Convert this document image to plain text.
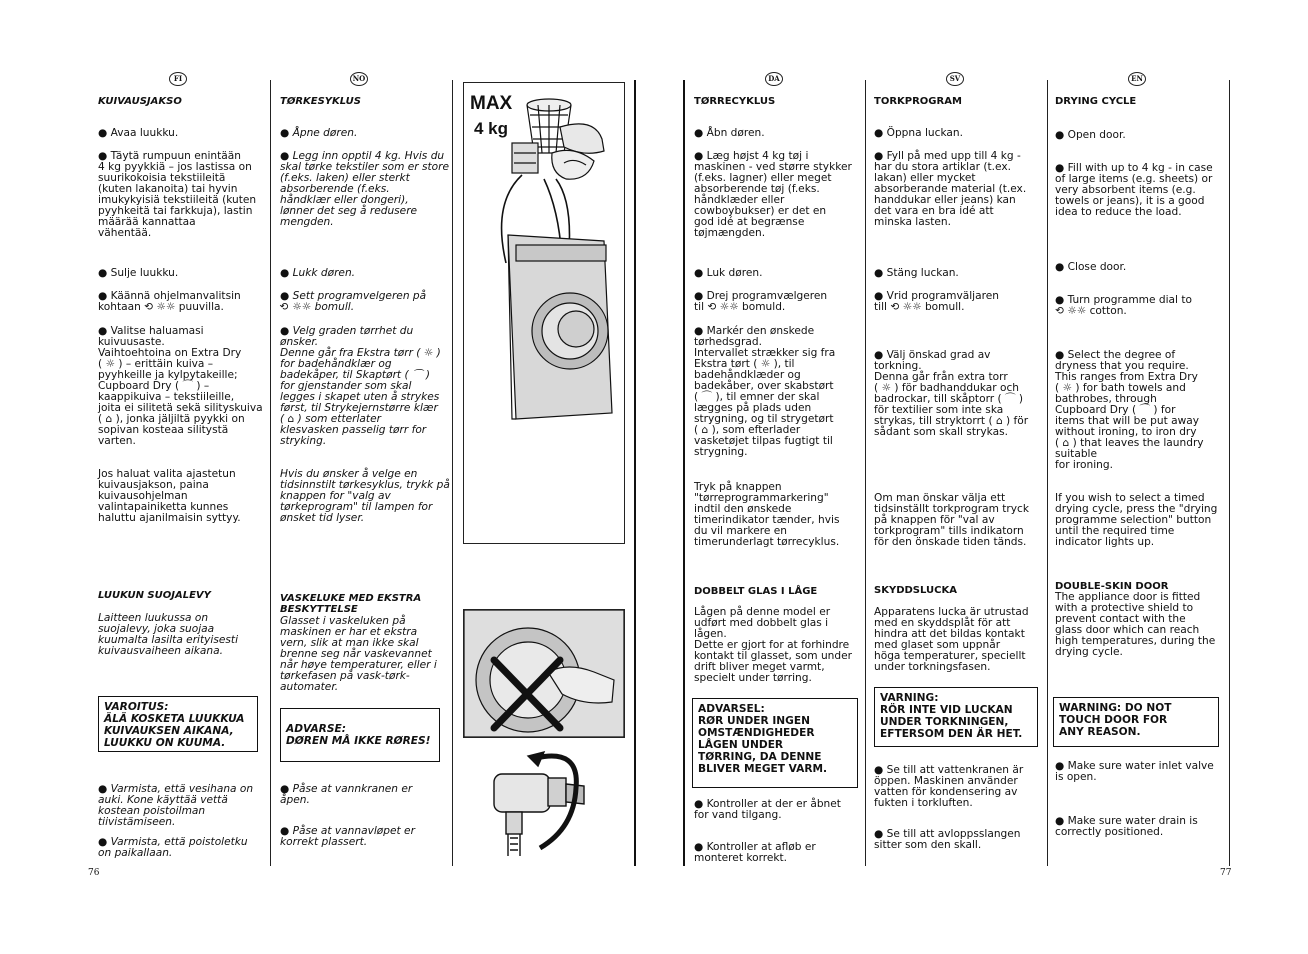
FI
KUIVAUSJAKSO
● Avaa luukku.
● Täytä rumpuun enintään
4 kg pyykkiä – jos lastissa on
suurikokoisia tekstiileitä
(kuten lakanoita) tai hyvin
imukykyisiä tekstiileitä (kuten
pyyhkeitä tai farkkuja), lastin
määrää kannattaa
vähentää.
● Sulje luukku.
● Käännä ohjelmanvalitsin
kohtaan ⟲ ☼☼ puuvilla.
● Valitse haluamasi
kuivuusaste.
Vaihtoehtoina on Extra Dry
( ☼ ) – erittäin kuiva –
pyyhkeille ja kylpytakeille;
Cupboard Dry ( ⌒ ) –
kaappikuiva – tekstiileille,
joita ei silitetä sekä silityskuiva
( ⌂ ), jonka jäljiltä pyykki on
sopivan kosteaa silitystä
varten.
Jos haluat valita ajastetun
kuivausjakson, paina
kuivausohjelman
valintapainiketta kunnes
haluttu ajanilmaisin syttyy.
LUUKUN SUOJALEVY
Laitteen luukussa on
suojalevy, joka suojaa
kuumalta lasilta erityisesti
kuivausvaiheen aikana.
VAROITUS:
ÄLÄ KOSKETA LUUKKUA
KUIVAUKSEN AIKANA,
LUUKKU ON KUUMA.
● Varmista, että vesihana on
auki. Kone käyttää vettä
kostean poistoilman
tiivistämiseen.
● Varmista, että poistoletku
on paikallaan.
76
NO
TØRKESYKLUS
● Åpne døren.
● Legg inn opptil 4 kg. Hvis du
skal tørke tekstiler som er store
(f.eks. laken) eller sterkt
absorberende (f.eks.
håndklær eller dongeri),
lønner det seg å redusere
mengden.
● Lukk døren.
● Sett programvelgeren på
⟲ ☼☼ bomull.
● Velg graden tørrhet du
ønsker.
Denne går fra Ekstra tørr ( ☼ )
for badehåndklær og
badekåper, til Skaptørt ( ⌒ )
for gjenstander som skal
legges i skapet uten å strykes
først, til Strykejernstørre klær
( ⌂ ) som etterlater
klesvasken passelig tørr for
stryking.
Hvis du ønsker å velge en
tidsinnstilt tørkesyklus, trykk på
knappen for "valg av
tørkeprogram" til lampen for
ønsket tid lyser.
VASKELUKE MED EKSTRA
BESKYTTELSE
Glasset i vaskeluken på
maskinen er har et ekstra
vern, slik at man ikke skal
brenne seg når vaskevannet
når høye temperaturer, eller i
tørkefasen på vask-tørk-
automater.
ADVARSE:
DØREN MÅ IKKE RØRES!
● Påse at vannkranen er
åpen.
● Påse at vannavløpet er
korrekt plassert.
MAX
4 kg
DA
TØRRECYKLUS
● Åbn døren.
● Læg højst 4 kg tøj i
maskinen - ved større stykker
(f.eks. lagner) eller meget
absorberende tøj (f.eks.
håndklæder eller
cowboybukser) er det en
god idé at begrænse
tøjmængden.
● Luk døren.
● Drej programvælgeren
til ⟲ ☼☼ bomuld.
● Markér den ønskede
tørhedsgrad.
Intervallet strækker sig fra
Ekstra tørt ( ☼ ), til
badehåndklæder og
badekåber, over skabstørt
( ⌒ ), til emner der skal
lægges på plads uden
strygning, og til strygetørt
( ⌂ ), som efterlader
vasketøjet tilpas fugtigt til
strygning.
Tryk på knappen
"tørreprogrammarkering"
indtil den ønskede
timerindikator tænder, hvis
du vil markere en
timerunderlagt tørrecyklus.
DOBBELT GLAS I LÅGE
Lågen på denne model er
udført med dobbelt glas i
lågen.
Dette er gjort for at forhindre
kontakt til glasset, som under
drift bliver meget varmt,
specielt under tørring.
ADVARSEL:
RØR UNDER INGEN
OMSTÆNDIGHEDER
LÅGEN UNDER
TØRRING, DA DENNE
BLIVER MEGET VARM.
● Kontroller at der er åbnet
for vand tilgang.
● Kontroller at afløb er
monteret korrekt.
SV
TORKPROGRAM
● Öppna luckan.
● Fyll på med upp till 4 kg -
har du stora artiklar (t.ex.
lakan) eller mycket
absorberande material (t.ex.
handdukar eller jeans) kan
det vara en bra idé att
minska lasten.
● Stäng luckan.
● Vrid programväljaren
till ⟲ ☼☼ bomull.
● Välj önskad grad av
torkning.
Denna går från extra torr
( ☼ ) för badhanddukar och
badrockar, till skåptorr ( ⌒ )
för textilier som inte ska
strykas, till stryktorrt ( ⌂ ) för
sådant som skall strykas.
Om man önskar välja ett
tidsinställt torkprogram tryck
på knappen för "val av
torkprogram" tills indikatorn
för den önskade tiden tänds.
SKYDDSLUCKA
Apparatens lucka är utrustad
med en skyddsplåt för att
hindra att det bildas kontakt
med glaset som uppnår
höga temperaturer, speciellt
under torkningsfasen.
VARNING:
RÖR INTE VID LUCKAN
UNDER TORKNINGEN,
EFTERSOM DEN ÄR HET.
● Se till att vattenkranen är
öppen. Maskinen använder
vatten för kondensering av
fukten i torkluften.
● Se till att avloppsslangen
sitter som den skall.
EN
DRYING CYCLE
● Open door.
● Fill with up to 4 kg - in case
of large items (e.g. sheets) or
very absorbent items (e.g.
towels or jeans), it is a good
idea to reduce the load.
● Close door.
● Turn programme dial to
⟲ ☼☼ cotton.
● Select the degree of
dryness that you require.
This ranges from Extra Dry
( ☼ ) for bath towels and
bathrobes, through
Cupboard Dry ( ⌒ ) for
items that will be put away
without ironing, to iron dry
( ⌂ ) that leaves the laundry
suitable
for ironing.
If you wish to select a timed
drying cycle, press the "drying
programme selection" button
until the required time
indicator lights up.
DOUBLE-SKIN DOOR
The appliance door is fitted
with a protective shield to
prevent contact with the
glass door which can reach
high temperatures, during the
drying cycle.
WARNING: DO NOT
TOUCH DOOR FOR
ANY REASON.
● Make sure water inlet valve
is open.
● Make sure water drain is
correctly positioned.
77
